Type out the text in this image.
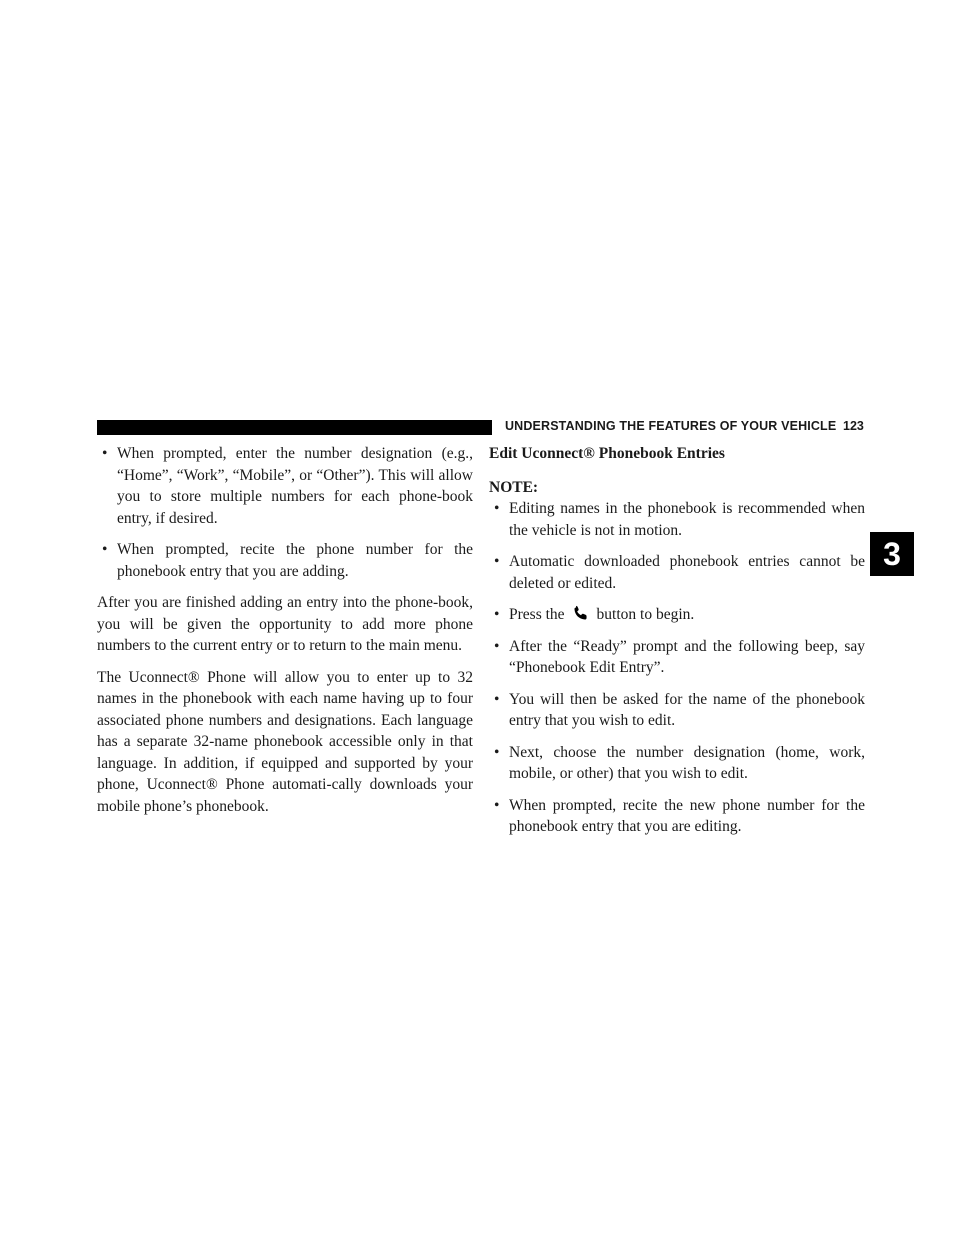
UNDERSTANDING THE FEATURES OF YOUR VEHICLE 123
3
• When prompted, enter the number designation (e.g., “Home”, “Work”, “Mobile”, or “Other”). This will allow you to store multiple numbers for each phone-book entry, if desired.
• When prompted, recite the phone number for the phonebook entry that you are adding.

After you are finished adding an entry into the phone-book, you will be given the opportunity to add more phone numbers to the current entry or to return to the main menu.

The Uconnect® Phone will allow you to enter up to 32 names in the phonebook with each name having up to four associated phone numbers and designations. Each language has a separate 32-name phonebook accessible only in that language. In addition, if equipped and supported by your phone, Uconnect® Phone automati-cally downloads your mobile phone’s phonebook.

Edit Uconnect® Phonebook Entries
NOTE:
• Editing names in the phonebook is recommended when the vehicle is not in motion.
• Automatic downloaded phonebook entries cannot be deleted or edited.
• Press the button to begin.
• After the “Ready” prompt and the following beep, say “Phonebook Edit Entry”.
• You will then be asked for the name of the phonebook entry that you wish to edit.
• Next, choose the number designation (home, work, mobile, or other) that you wish to edit.
• When prompted, recite the new phone number for the phonebook entry that you are editing.
